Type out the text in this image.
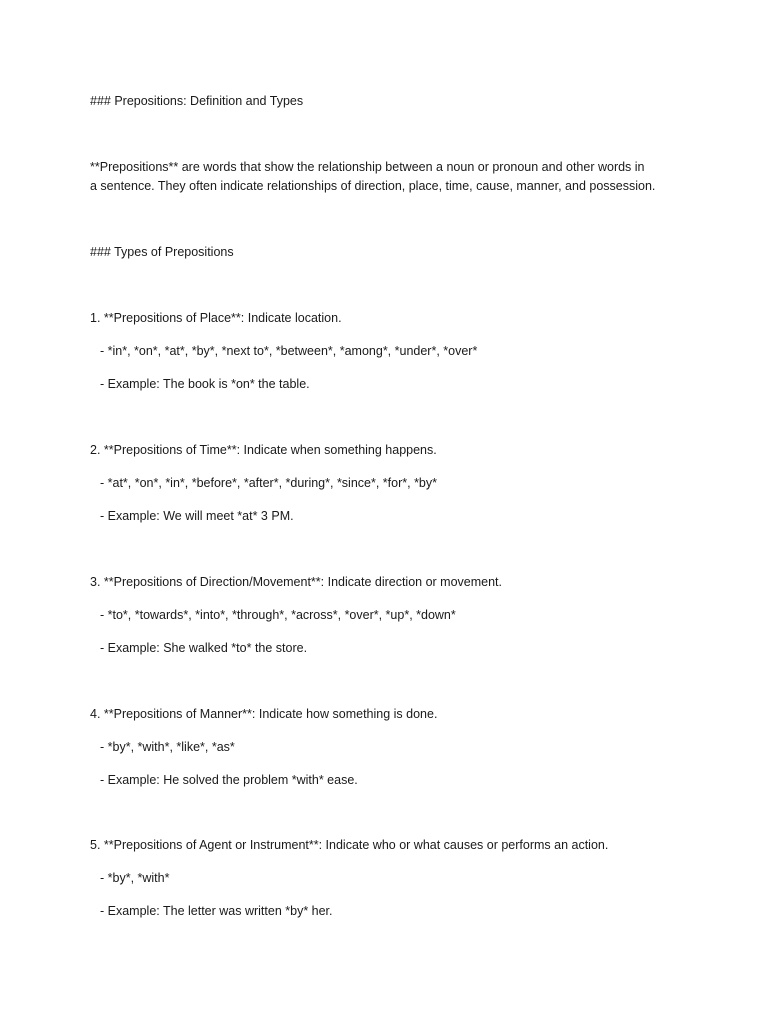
### Prepositions: Definition and Types
**Prepositions** are words that show the relationship between a noun or pronoun and other words in
a sentence. They often indicate relationships of direction, place, time, cause, manner, and possession.
### Types of Prepositions
1. **Prepositions of Place**: Indicate location.
- *in*, *on*, *at*, *by*, *next to*, *between*, *among*, *under*, *over*
- Example: The book is *on* the table.
2. **Prepositions of Time**: Indicate when something happens.
- *at*, *on*, *in*, *before*, *after*, *during*, *since*, *for*, *by*
- Example: We will meet *at* 3 PM.
3. **Prepositions of Direction/Movement**: Indicate direction or movement.
- *to*, *towards*, *into*, *through*, *across*, *over*, *up*, *down*
- Example: She walked *to* the store.
4. **Prepositions of Manner**: Indicate how something is done.
- *by*, *with*, *like*, *as*
- Example: He solved the problem *with* ease.
5. **Prepositions of Agent or Instrument**: Indicate who or what causes or performs an action.
- *by*, *with*
- Example: The letter was written *by* her.
